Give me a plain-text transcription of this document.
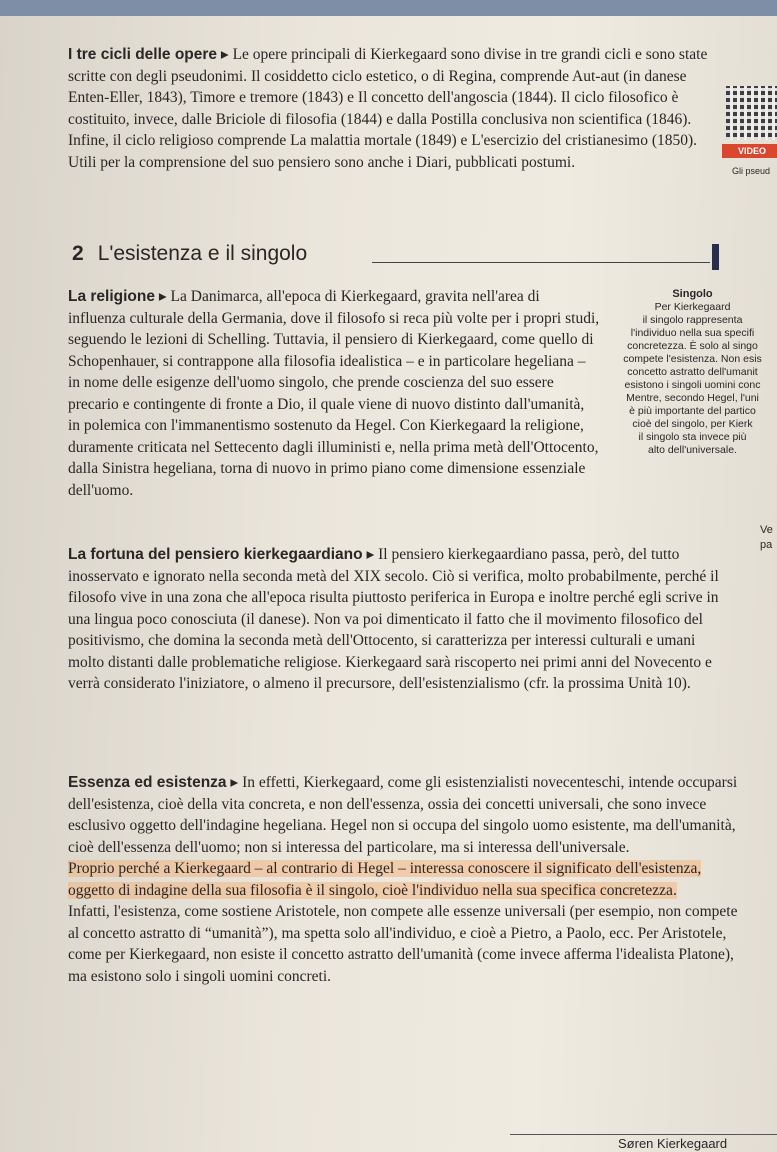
I tre cicli delle opere ▸ Le opere principali di Kierkegaard sono divise in tre grandi cicli e sono state scritte con degli pseudonimi. Il cosiddetto ciclo estetico, o di Regina, comprende Aut-aut (in danese Enten-Eller, 1843), Timore e tremore (1843) e Il concetto dell'angoscia (1844). Il ciclo filosofico è costituito, invece, dalle Briciole di filosofia (1844) e dalla Postilla conclusiva non scientifica (1846). Infine, il ciclo religioso comprende La malattia mortale (1849) e L'esercizio del cristianesimo (1850). Utili per la comprensione del suo pensiero sono anche i Diari, pubblicati postumi.

VIDEO
Gli pseud
2 L'esistenza e il singolo

La religione ▸ La Danimarca, all'epoca di Kierkegaard, gravita nell'area di influenza culturale della Germania, dove il filosofo si reca più volte per i propri studi, seguendo le lezioni di Schelling. Tuttavia, il pensiero di Kierkegaard, come quello di Schopenhauer, si contrappone alla filosofia idealistica – e in particolare hegeliana – in nome delle esigenze dell'uomo singolo, che prende coscienza del suo essere precario e contingente di fronte a Dio, il quale viene di nuovo distinto dall'umanità, in polemica con l'immanentismo sostenuto da Hegel. Con Kierkegaard la religione, duramente criticata nel Settecento dagli illuministi e, nella prima metà dell'Ottocento, dalla Sinistra hegeliana, torna di nuovo in primo piano come dimensione essenziale dell'uomo.

Singolo
Per Kierkegaard
il singolo rappresenta
l'individuo nella sua specifi
concretezza. È solo al singo
compete l'esistenza. Non esis
concetto astratto dell'umanit
esistono i singoli uomini conc
Mentre, secondo Hegel, l'uni
è più importante del partico
cioè del singolo, per Kierk
il singolo sta invece più
alto dell'universale.
Ve
pa

La fortuna del pensiero kierkegaardiano ▸ Il pensiero kierkegaardiano passa, però, del tutto inosservato e ignorato nella seconda metà del XIX secolo. Ciò si verifica, molto probabilmente, perché il filosofo vive in una zona che all'epoca risulta piuttosto periferica in Europa e inoltre perché egli scrive in una lingua poco conosciuta (il danese). Non va poi dimenticato il fatto che il movimento filosofico del positivismo, che domina la seconda metà dell'Ottocento, si caratterizza per interessi culturali e umani molto distanti dalle problematiche religiose. Kierkegaard sarà riscoperto nei primi anni del Novecento e verrà considerato l'iniziatore, o almeno il precursore, dell'esistenzialismo (cfr. la prossima Unità 10).

Essenza ed esistenza ▸ In effetti, Kierkegaard, come gli esistenzialisti novecenteschi, intende occuparsi dell'esistenza, cioè della vita concreta, e non dell'essenza, ossia dei concetti universali, che sono invece esclusivo oggetto dell'indagine hegeliana. Hegel non si occupa del singolo uomo esistente, ma dell'umanità, cioè dell'essenza dell'uomo; non si interessa del particolare, ma si interessa dell'universale.
Proprio perché a Kierkegaard – al contrario di Hegel – interessa conoscere il significato dell'esistenza, oggetto di indagine della sua filosofia è il singolo, cioè l'individuo nella sua specifica concretezza.
Infatti, l'esistenza, come sostiene Aristotele, non compete alle essenze universali (per esempio, non compete al concetto astratto di “umanità”), ma spetta solo all'individuo, e cioè a Pietro, a Paolo, ecc. Per Aristotele, come per Kierkegaard, non esiste il concetto astratto dell'umanità (come invece afferma l'idealista Platone), ma esistono solo i singoli uomini concreti.

Søren Kierkegaard
